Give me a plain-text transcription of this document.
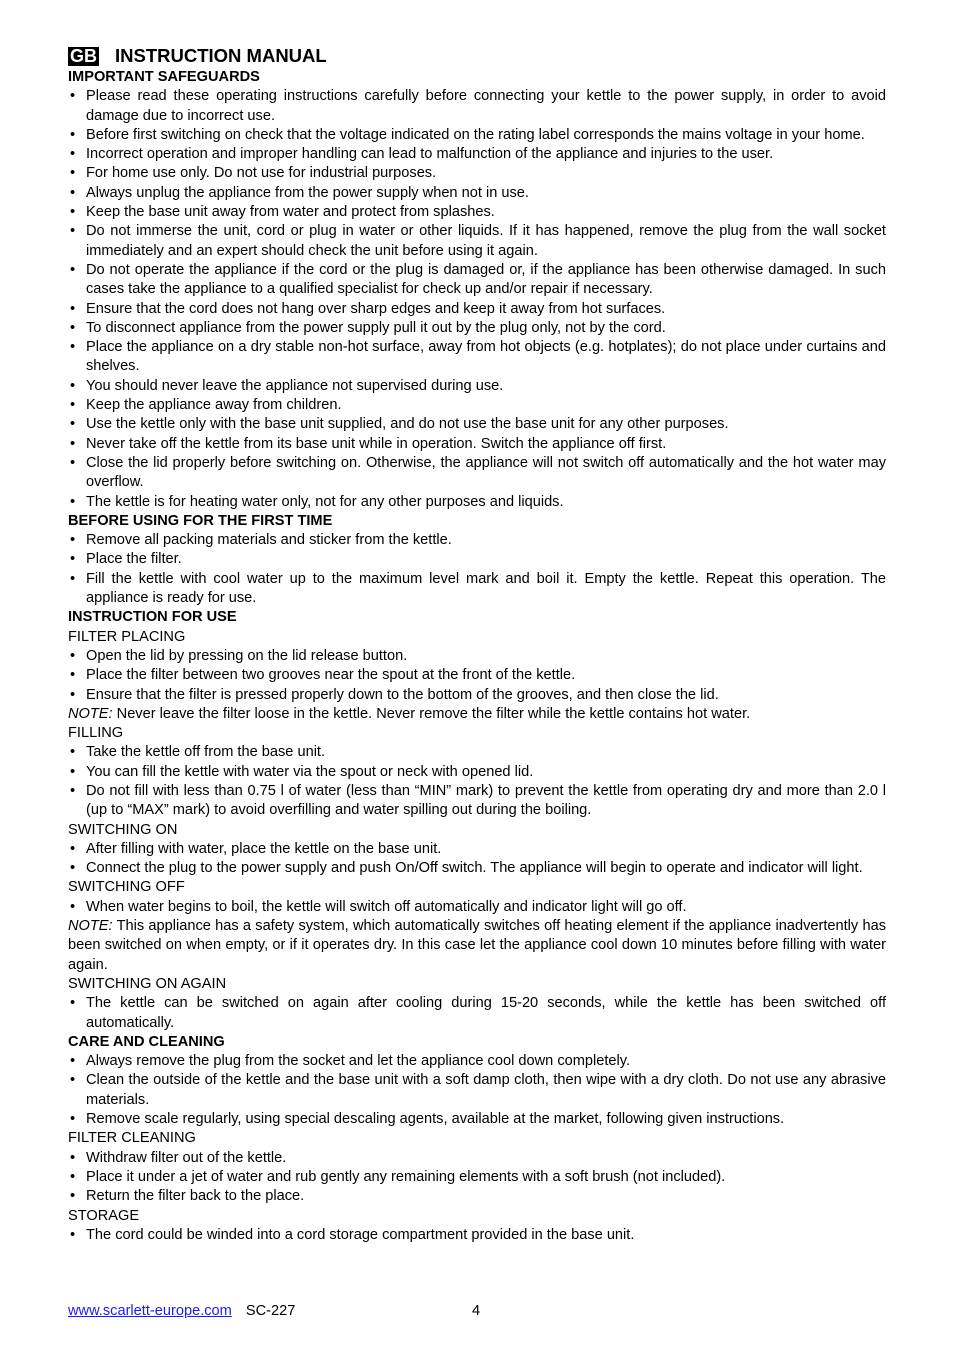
GB INSTRUCTION MANUAL
IMPORTANT SAFEGUARDS
• Please read these operating instructions carefully before connecting your kettle to the power supply, in order to avoid damage due to incorrect use.
• Before first switching on check that the voltage indicated on the rating label corresponds the mains voltage in your home.
• Incorrect operation and improper handling can lead to malfunction of the appliance and injuries to the user.
• For home use only. Do not use for industrial purposes.
• Always unplug the appliance from the power supply when not in use.
• Keep the base unit away from water and protect from splashes.
• Do not immerse the unit, cord or plug in water or other liquids. If it has happened, remove the plug from the wall socket immediately and an expert should check the unit before using it again.
• Do not operate the appliance if the cord or the plug is damaged or, if the appliance has been otherwise damaged. In such cases take the appliance to a qualified specialist for check up and/or repair if necessary.
• Ensure that the cord does not hang over sharp edges and keep it away from hot surfaces.
• To disconnect appliance from the power supply pull it out by the plug only, not by the cord.
• Place the appliance on a dry stable non-hot surface, away from hot objects (e.g. hotplates); do not place under curtains and shelves.
• You should never leave the appliance not supervised during use.
• Keep the appliance away from children.
• Use the kettle only with the base unit supplied, and do not use the base unit for any other purposes.
• Never take off the kettle from its base unit while in operation. Switch the appliance off first.
• Close the lid properly before switching on. Otherwise, the appliance will not switch off automatically and the hot water may overflow.
• The kettle is for heating water only, not for any other purposes and liquids.
BEFORE USING FOR THE FIRST TIME
• Remove all packing materials and sticker from the kettle.
• Place the filter.
• Fill the kettle with cool water up to the maximum level mark and boil it. Empty the kettle. Repeat this operation. The appliance is ready for use.
INSTRUCTION FOR USE
FILTER PLACING
• Open the lid by pressing on the lid release button.
• Place the filter between two grooves near the spout at the front of the kettle.
• Ensure that the filter is pressed properly down to the bottom of the grooves, and then close the lid.
NOTE: Never leave the filter loose in the kettle. Never remove the filter while the kettle contains hot water.
FILLING
• Take the kettle off from the base unit.
• You can fill the kettle with water via the spout or neck with opened lid.
• Do not fill with less than 0.75 l of water (less than “MIN” mark) to prevent the kettle from operating dry and more than 2.0 l (up to “MAX” mark) to avoid overfilling and water spilling out during the boiling.
SWITCHING ON
• After filling with water, place the kettle on the base unit.
• Connect the plug to the power supply and push On/Off switch. The appliance will begin to operate and indicator will light.
SWITCHING OFF
• When water begins to boil, the kettle will switch off automatically and indicator light will go off.
NOTE: This appliance has a safety system, which automatically switches off heating element if the appliance inadvertently has been switched on when empty, or if it operates dry. In this case let the appliance cool down 10 minutes before filling with water again.
SWITCHING ON AGAIN
• The kettle can be switched on again after cooling during 15-20 seconds, while the kettle has been switched off automatically.
CARE AND CLEANING
• Always remove the plug from the socket and let the appliance cool down completely.
• Clean the outside of the kettle and the base unit with a soft damp cloth, then wipe with a dry cloth. Do not use any abrasive materials.
• Remove scale regularly, using special descaling agents, available at the market, following given instructions.
FILTER CLEANING
• Withdraw filter out of the kettle.
• Place it under a jet of water and rub gently any remaining elements with a soft brush (not included).
• Return the filter back to the place.
STORAGE
• The cord could be winded into a cord storage compartment provided in the base unit.
www.scarlett-europe.com SC-227	4
